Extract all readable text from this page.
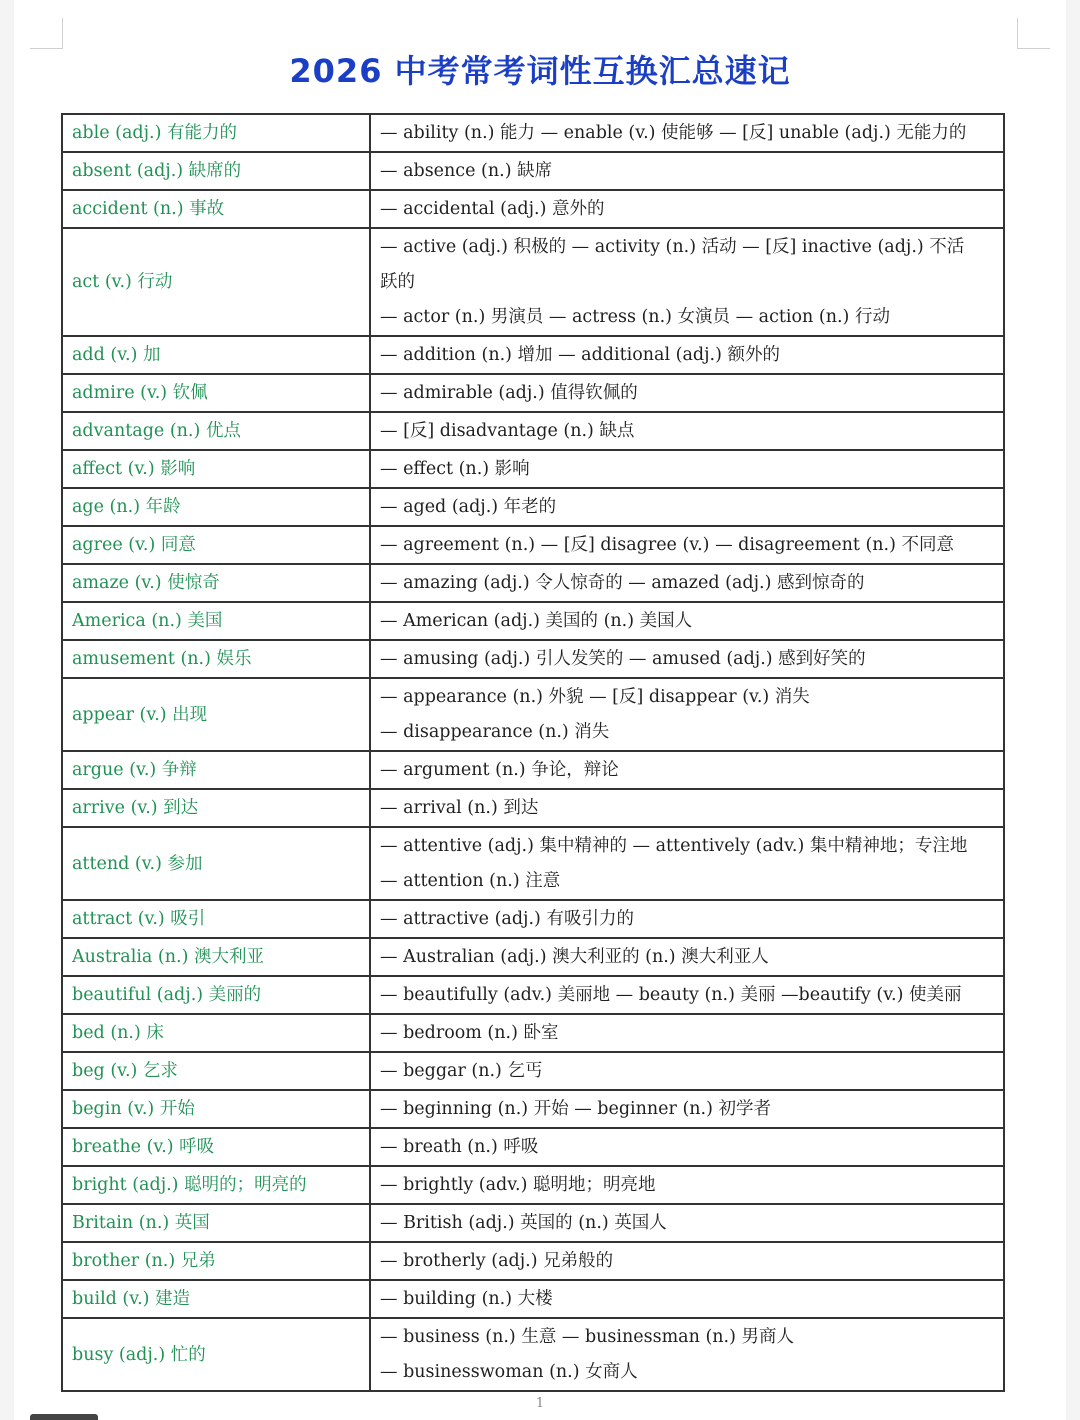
2026 中考常考词性互换汇总速记
able (adj.) 有能力的	— ability (n.) 能力 — enable (v.) 使能够 — [反] unable (adj.) 无能力的

absent (adj.) 缺席的	— absence (n.) 缺席

accident (n.) 事故	— accidental (adj.) 意外的

act (v.) 行动	— active (adj.) 积极的 — activity (n.) 活动 — [反] inactive (adj.) 不活
跃的
— actor (n.) 男演员 — actress (n.) 女演员 — action (n.) 行动

add (v.) 加	— addition (n.) 增加 — additional (adj.) 额外的

admire (v.) 钦佩	— admirable (adj.) 值得钦佩的

advantage (n.) 优点	— [反] disadvantage (n.) 缺点

affect (v.) 影响	— effect (n.) 影响

age (n.) 年龄	— aged (adj.) 年老的

agree (v.) 同意	— agreement (n.) — [反] disagree (v.) — disagreement (n.) 不同意

amaze (v.) 使惊奇	— amazing (adj.) 令人惊奇的 — amazed (adj.) 感到惊奇的

America (n.) 美国	— American (adj.) 美国的 (n.) 美国人

amusement (n.) 娱乐	— amusing (adj.) 引人发笑的 — amused (adj.) 感到好笑的

appear (v.) 出现	— appearance (n.) 外貌 — [反] disappear (v.) 消失
— disappearance (n.) 消失

argue (v.) 争辩	— argument (n.) 争论，辩论

arrive (v.) 到达	— arrival (n.) 到达

attend (v.) 参加	— attentive (adj.) 集中精神的 — attentively (adv.) 集中精神地；专注地
— attention (n.) 注意

attract (v.) 吸引	— attractive (adj.) 有吸引力的

Australia (n.) 澳大利亚	— Australian (adj.) 澳大利亚的 (n.) 澳大利亚人

beautiful (adj.) 美丽的	— beautifully (adv.) 美丽地 — beauty (n.) 美丽 —beautify (v.) 使美丽

bed (n.) 床	— bedroom (n.) 卧室

beg (v.) 乞求	— beggar (n.) 乞丐

begin (v.) 开始	— beginning (n.) 开始 — beginner (n.) 初学者

breathe (v.) 呼吸	— breath (n.) 呼吸

bright (adj.) 聪明的；明亮的	— brightly (adv.) 聪明地；明亮地

Britain (n.) 英国	— British (adj.) 英国的 (n.) 英国人

brother (n.) 兄弟	— brotherly (adj.) 兄弟般的

build (v.) 建造	— building (n.) 大楼

busy (adj.) 忙的	— business (n.) 生意 — businessman (n.) 男商人
— businesswoman (n.) 女商人
1
